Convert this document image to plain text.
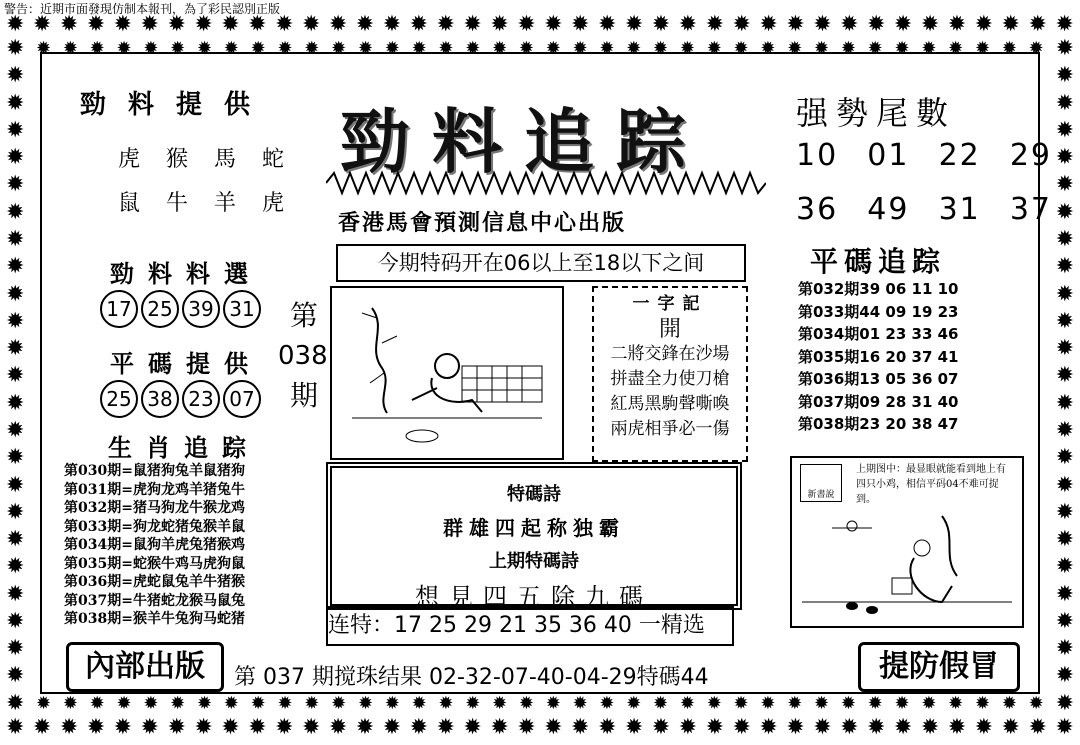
警告：近期市面發現仿制本報刊，為了彩民認別正版
✹ ✹ ✹ ✹ ✹ ✹ ✹ ✹ ✹ ✹ ✹ ✹ ✹ ✹ ✹ ✹ ✹ ✹ ✹ ✹ ✹ ✹ ✹ ✹ ✹ ✹ ✹ ✹ ✹ ✹ ✹ ✹ ✹ ✹ ✹ ✹ ✹ ✹ ✹ ✹
✹ ✹ ✹ ✹ ✹ ✹ ✹ ✹ ✹ ✹ ✹ ✹ ✹ ✹ ✹ ✹ ✹ ✹ ✹ ✹ ✹ ✹ ✹ ✹ ✹ ✹ ✹ ✹ ✹ ✹ ✹ ✹ ✹ ✹ ✹ ✹ ✹ ✹ ✹ ✹
✹
✹
✹
✹
✹
✹
✹
✹
✹
✹
✹
✹
✹
✹
✹
✹
✹
✹
✹
✹
✹
✹
✹
✹
✹
✹
✹
✹
✹
✹
✹
✹
✹
✹
✹
✹
✹
✹
✹
✹
✹
✹
✹
✹
✹
✹
✹
✹
✹
✹
✹ ✹ ✹ ✹ ✹ ✹ ✹ ✹ ✹ ✹ ✹ ✹ ✹ ✹ ✹ ✹ ✹ ✹ ✹ ✹ ✹ ✹ ✹ ✹ ✹ ✹ ✹ ✹ ✹ ✹ ✹ ✹ ✹ ✹ ✹ ✹ ✹ ✹
✹ ✹ ✹ ✹ ✹ ✹ ✹ ✹ ✹ ✹ ✹ ✹ ✹ ✹ ✹ ✹ ✹ ✹ ✹ ✹ ✹ ✹ ✹ ✹ ✹ ✹ ✹ ✹ ✹ ✹ ✹ ✹ ✹ ✹ ✹ ✹ ✹ ✹
勁料提供
虎猴馬蛇
鼠牛羊虎
勁料料選
17 25 39 31
平碼提供
25 38 23 07
生肖追踪
第030期=鼠猪狗兔羊鼠猪狗
第031期=虎狗龙鸡羊猪兔牛
第032期=猪马狗龙牛猴龙鸡
第033期=狗龙蛇猪兔猴羊鼠
第034期=鼠狗羊虎兔猪猴鸡
第035期=蛇猴牛鸡马虎狗鼠
第036期=虎蛇鼠兔羊牛猪猴
第037期=牛猪蛇龙猴马鼠兔
第038期=猴羊牛兔狗马蛇猪
第
038
期
勁料追踪
香港馬會預測信息中心出版
今期特码开在06以上至18以下之间
一字記
開
二將交鋒在沙場
拼盡全力使刀槍
紅馬黑駒聲嘶喚
兩虎相爭必一傷
特碼詩
群雄四起称独霸
上期特碼詩
想見四五除九碼
连特：17 25 29 21 35 36 40 一精选
强勢尾數
10 01 22 29
36 49 31 37
平碼追踪
第032期39 06 11 10
第033期44 09 19 23
第034期01 23 33 46
第035期16 20 37 41
第036期13 05 36 07
第037期09 28 31 40
第038期23 20 38 47
新書說
上期图中：最显眼就能看到地上有四只小鸡，相信平码04不难可捉到。
內部出版	第 037 期搅珠结果 02-32-07-40-04-29特碼44	提防假冒
